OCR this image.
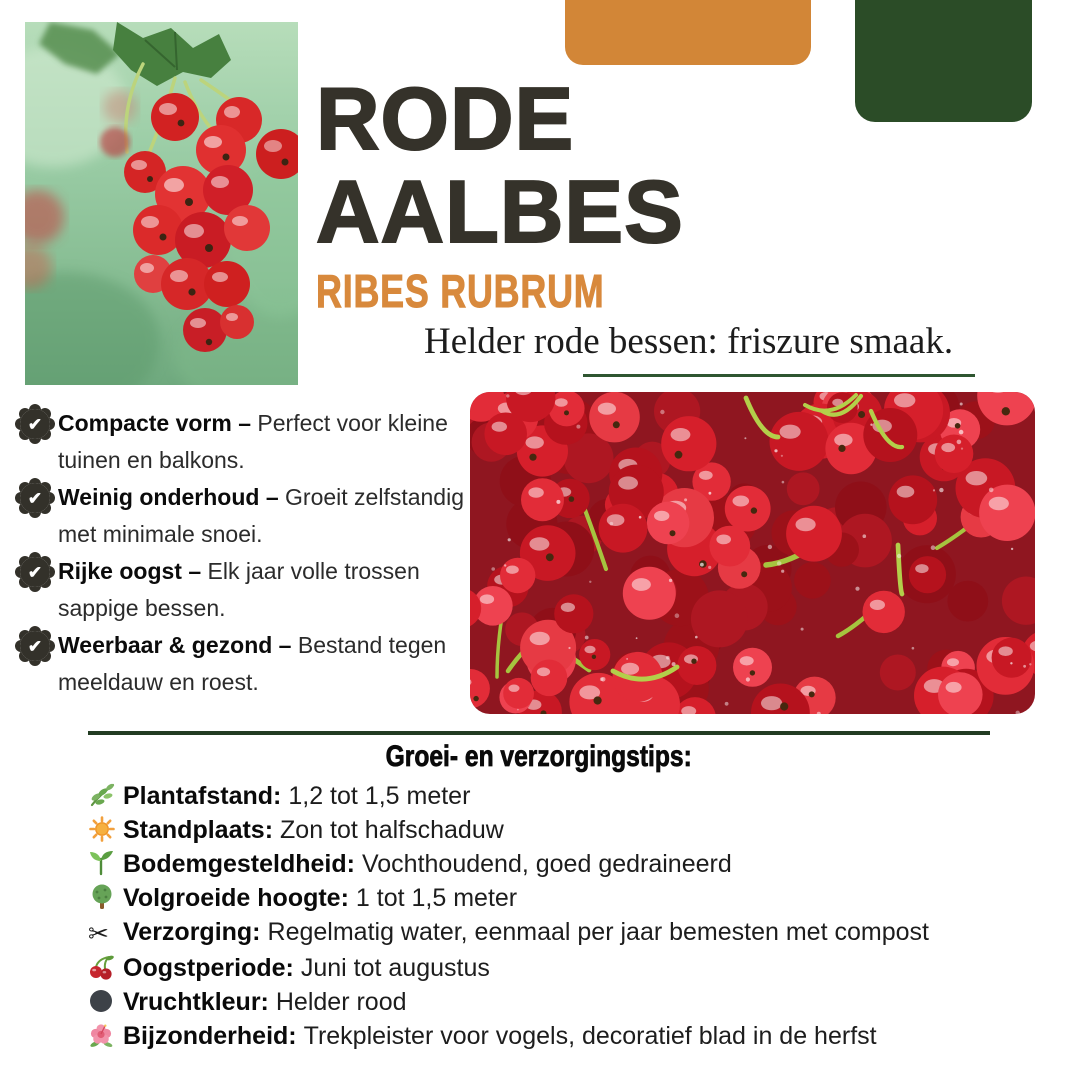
RODE
AALBES
RIBES RUBRUM
Helder rode bessen: friszure smaak.
✔
Compacte vorm – Perfect voor kleine tuinen en balkons.
✔
Weinig onderhoud – Groeit zelfstandig met minimale snoei.
✔
Rijke oogst – Elk jaar volle trossen sappige bessen.
✔
Weerbaar & gezond – Bestand tegen meeldauw en roest.
Groei- en verzorgingstips:
Plantafstand: 1,2 tot 1,5 meter
Standplaats: Zon tot halfschaduw
Bodemgesteldheid: Vochthoudend, goed gedraineerd
Volgroeide hoogte: 1 tot 1,5 meter
✂ Verzorging: Regelmatig water, eenmaal per jaar bemesten met compost
Oogstperiode: Juni tot augustus
Vruchtkleur: Helder rood
Bijzonderheid: Trekpleister voor vogels, decoratief blad in de herfst
